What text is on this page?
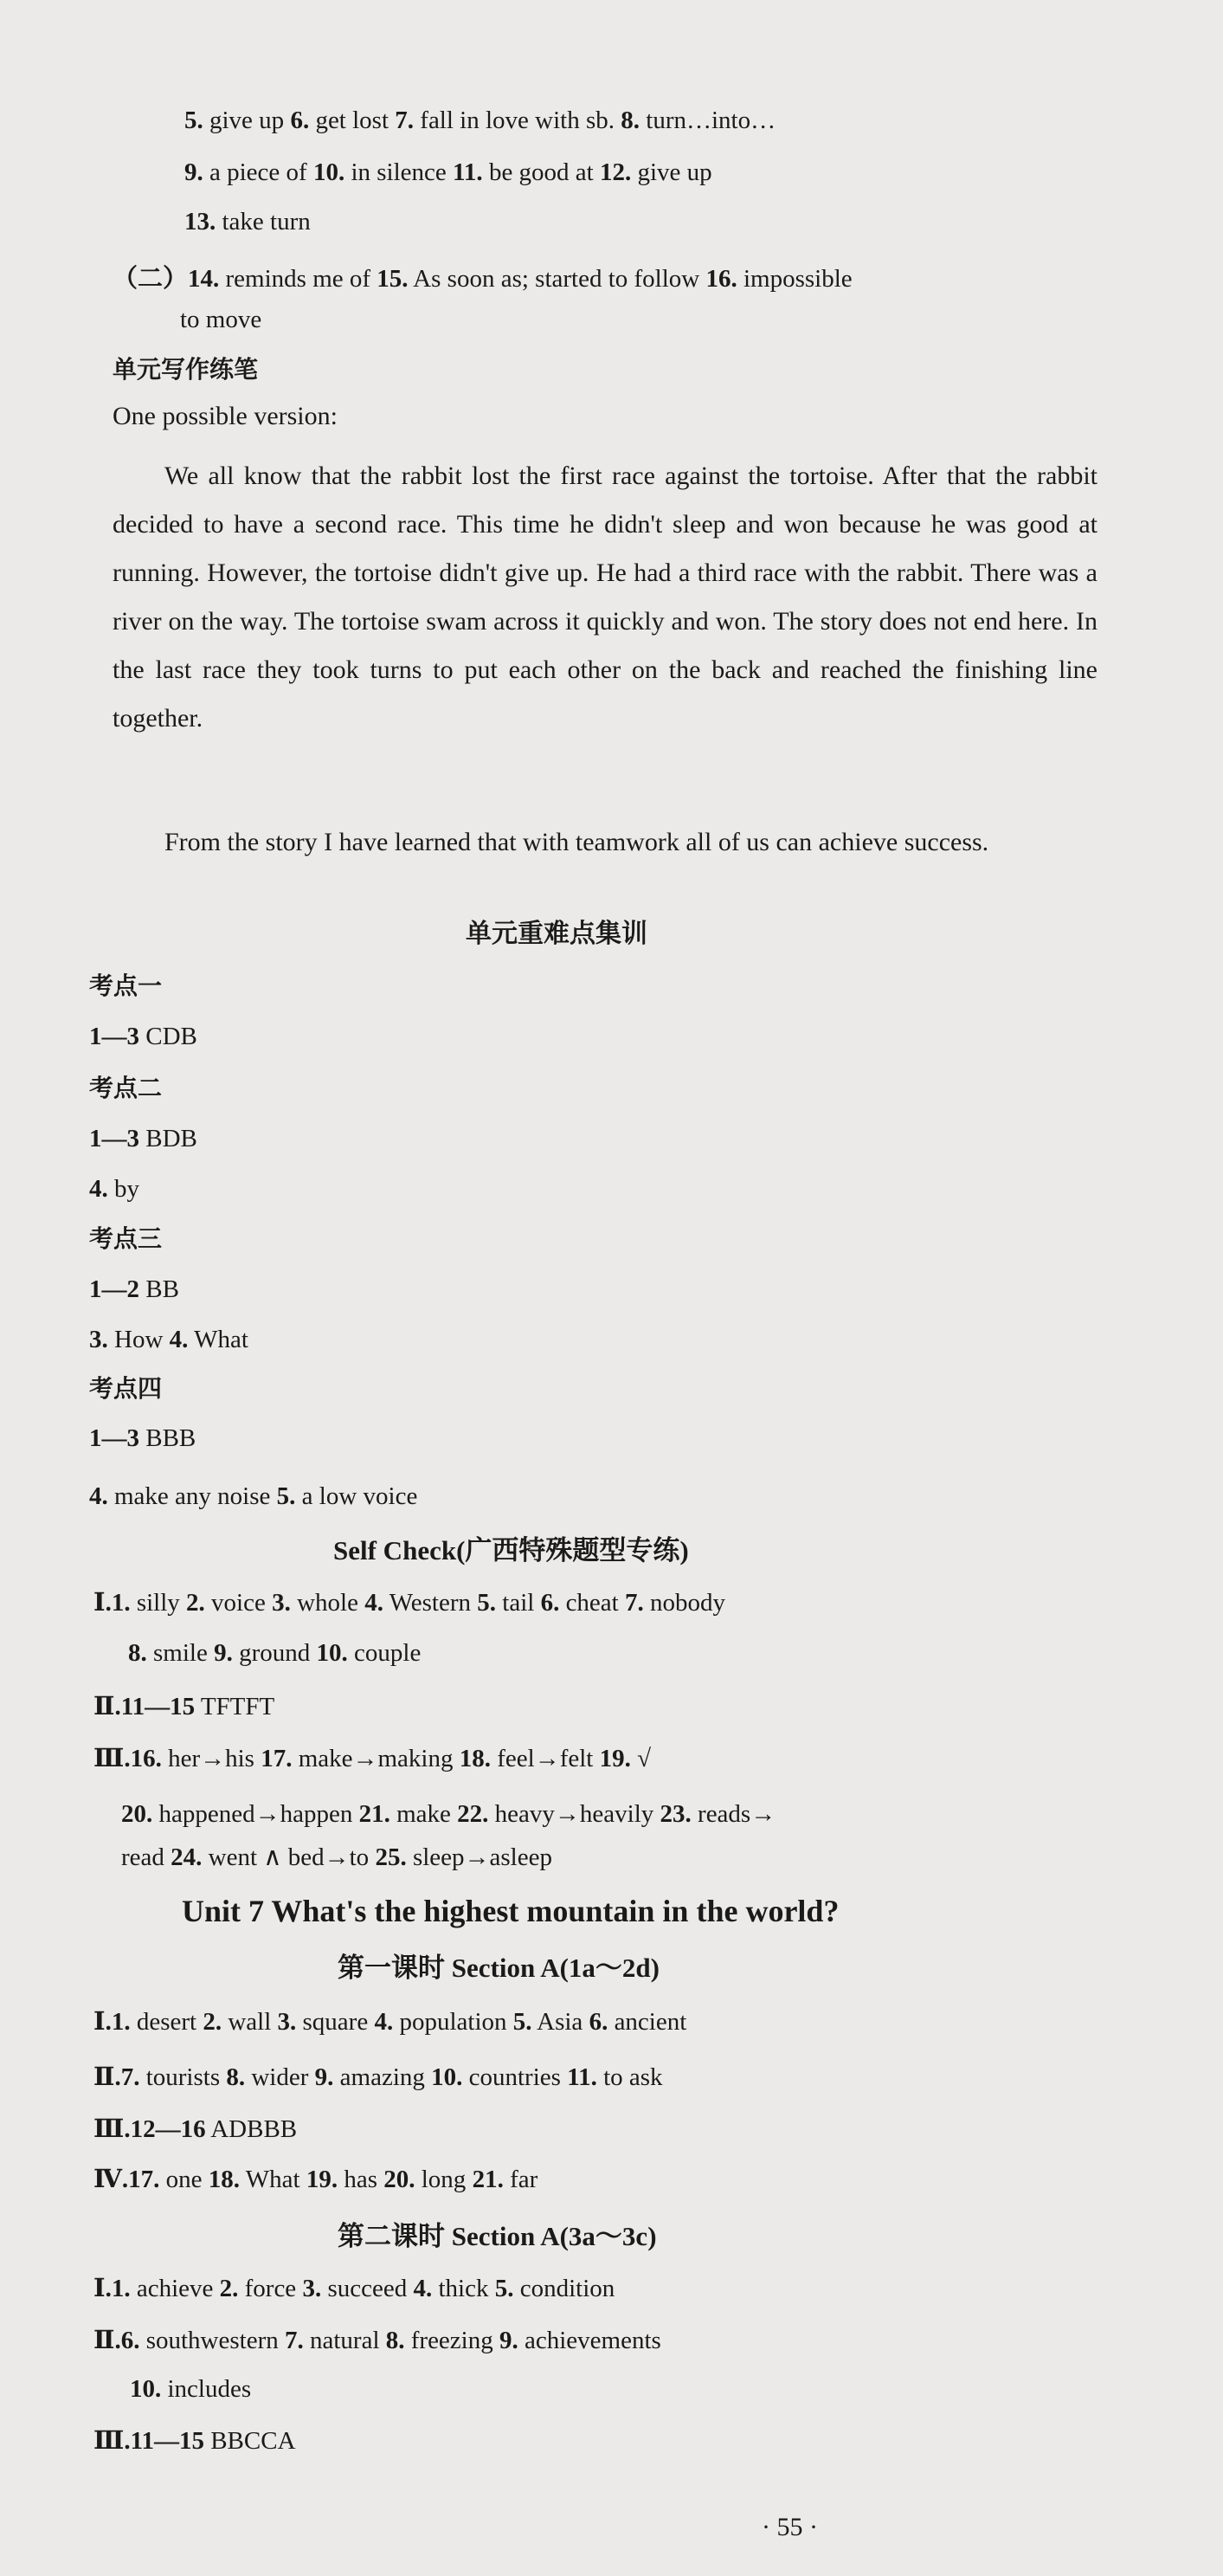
5. give up 6. get lost 7. fall in love with sb. 8. turn…into…
9. a piece of 10. in silence 11. be good at 12. give up
13. take turn
（二）14. reminds me of 15. As soon as; started to follow 16. impossible
to move
单元写作练笔
One possible version:

We all know that the rabbit lost the first race against the tortoise. After that the rabbit decided to have a second race. This time he didn't sleep and won because he was good at running. However, the tortoise didn't give up. He had a third race with the rabbit. There was a river on the way. The tortoise swam across it quickly and won. The story does not end here. In the last race they took turns to put each other on the back and reached the finishing line together.

From the story I have learned that with teamwork all of us can achieve success.

单元重难点集训
考点一
1—3 CDB
考点二
1—3 BDB
4. by
考点三
1—2 BB
3. How 4. What
考点四
1—3 BBB
4. make any noise 5. a low voice
Self Check(广西特殊题型专练)
Ⅰ.1. silly 2. voice 3. whole 4. Western 5. tail 6. cheat 7. nobody
8. smile 9. ground 10. couple
Ⅱ.11—15 TFTFT
Ⅲ.16. her→his 17. make→making 18. feel→felt 19. √
20. happened→happen 21. make 22. heavy→heavily 23. reads→
read 24. went ∧ bed→to 25. sleep→asleep
Unit 7 What's the highest mountain in the world?
第一课时 Section A(1a～2d)
Ⅰ.1. desert 2. wall 3. square 4. population 5. Asia 6. ancient
Ⅱ.7. tourists 8. wider 9. amazing 10. countries 11. to ask
Ⅲ.12—16 ADBBB
Ⅳ.17. one 18. What 19. has 20. long 21. far
第二课时 Section A(3a～3c)
Ⅰ.1. achieve 2. force 3. succeed 4. thick 5. condition
Ⅱ.6. southwestern 7. natural 8. freezing 9. achievements
10. includes
Ⅲ.11—15 BBCCA
· 55 ·
